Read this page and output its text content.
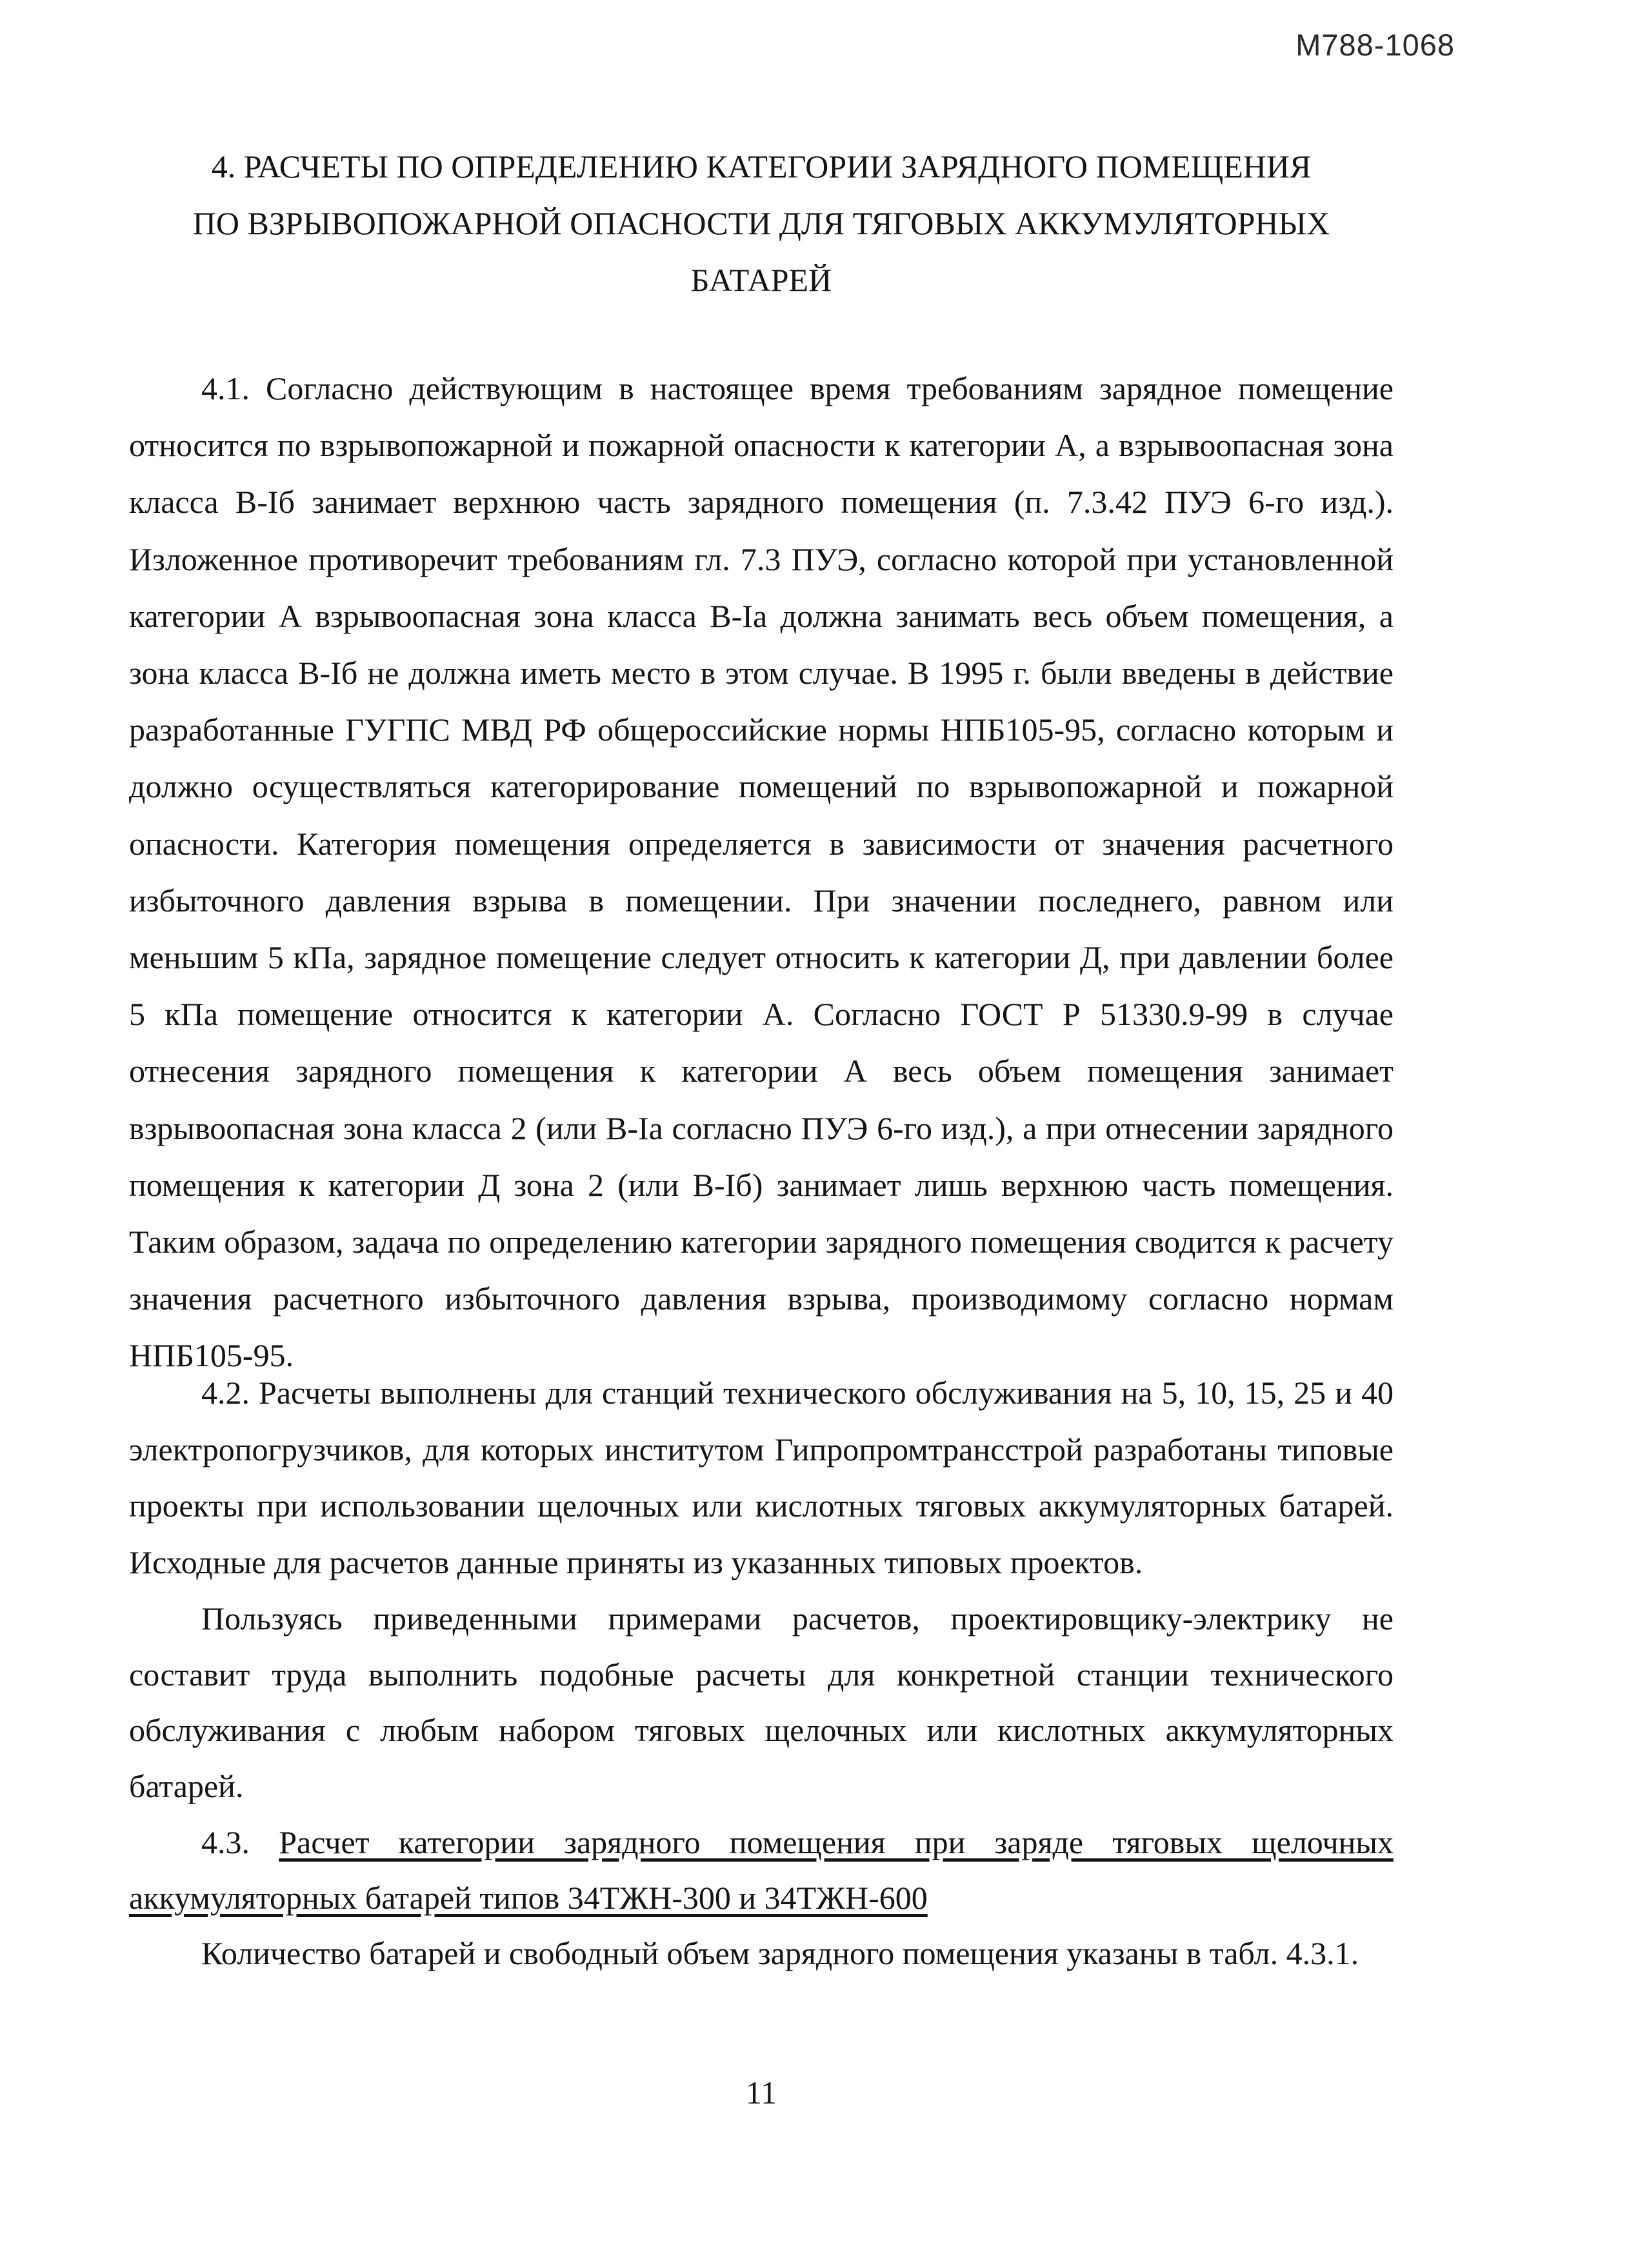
М788-1068
4. РАСЧЕТЫ ПО ОПРЕДЕЛЕНИЮ КАТЕГОРИИ ЗАРЯДНОГО ПОМЕЩЕНИЯ
ПО ВЗРЫВОПОЖАРНОЙ ОПАСНОСТИ ДЛЯ ТЯГОВЫХ АККУМУЛЯТОРНЫХ
БАТАРЕЙ

4.1. Согласно действующим в настоящее время требованиям зарядное помещение относится по взрывопожарной и пожарной опасности к категории А, а взрывоопасная зона класса В-Iб занимает верхнюю часть зарядного помещения (п. 7.3.42 ПУЭ 6-го изд.). Изложенное противоречит требованиям гл. 7.3 ПУЭ, согласно которой при установленной категории А взрывоопасная зона класса В-Iа должна занимать весь объем помещения, а зона класса В-Iб не должна иметь место в этом случае. В 1995 г. были введены в действие разработанные ГУГПС МВД РФ общероссийские нормы НПБ105-95, согласно которым и должно осуществляться категорирование помещений по взрывопожарной и пожарной опасности. Категория помещения определяется в зависимости от значения расчетного избыточного давления взрыва в помещении. При значении последнего, равном или меньшим 5 кПа, зарядное помещение следует относить к категории Д, при давлении более 5 кПа помещение относится к категории А. Согласно ГОСТ Р 51330.9-99 в случае отнесения зарядного помещения к категории А весь объем помещения занимает взрывоопасная зона класса 2 (или В-Iа согласно ПУЭ 6-го изд.), а при отнесении зарядного помещения к категории Д зона 2 (или В-Iб) занимает лишь верхнюю часть помещения. Таким образом, задача по определению категории зарядного помещения сводится к расчету значения расчетного избыточного давления взрыва, производимому согласно нормам НПБ105-95.

4.2. Расчеты выполнены для станций технического обслуживания на 5, 10, 15, 25 и 40 электропогрузчиков, для которых институтом Гипропромтрансстрой разработаны типовые проекты при использовании щелочных или кислотных тяговых аккумуляторных батарей. Исходные для расчетов данные приняты из указанных типовых проектов.

Пользуясь приведенными примерами расчетов, проектировщику-электрику не составит труда выполнить подобные расчеты для конкретной станции технического обслуживания с любым набором тяговых щелочных или кислотных аккумуляторных батарей.

4.3. Расчет категории зарядного помещения при заряде тяговых щелочных аккумуляторных батарей типов 34ТЖН-300 и 34ТЖН-600

Количество батарей и свободный объем зарядного помещения указаны в табл. 4.3.1.

11
